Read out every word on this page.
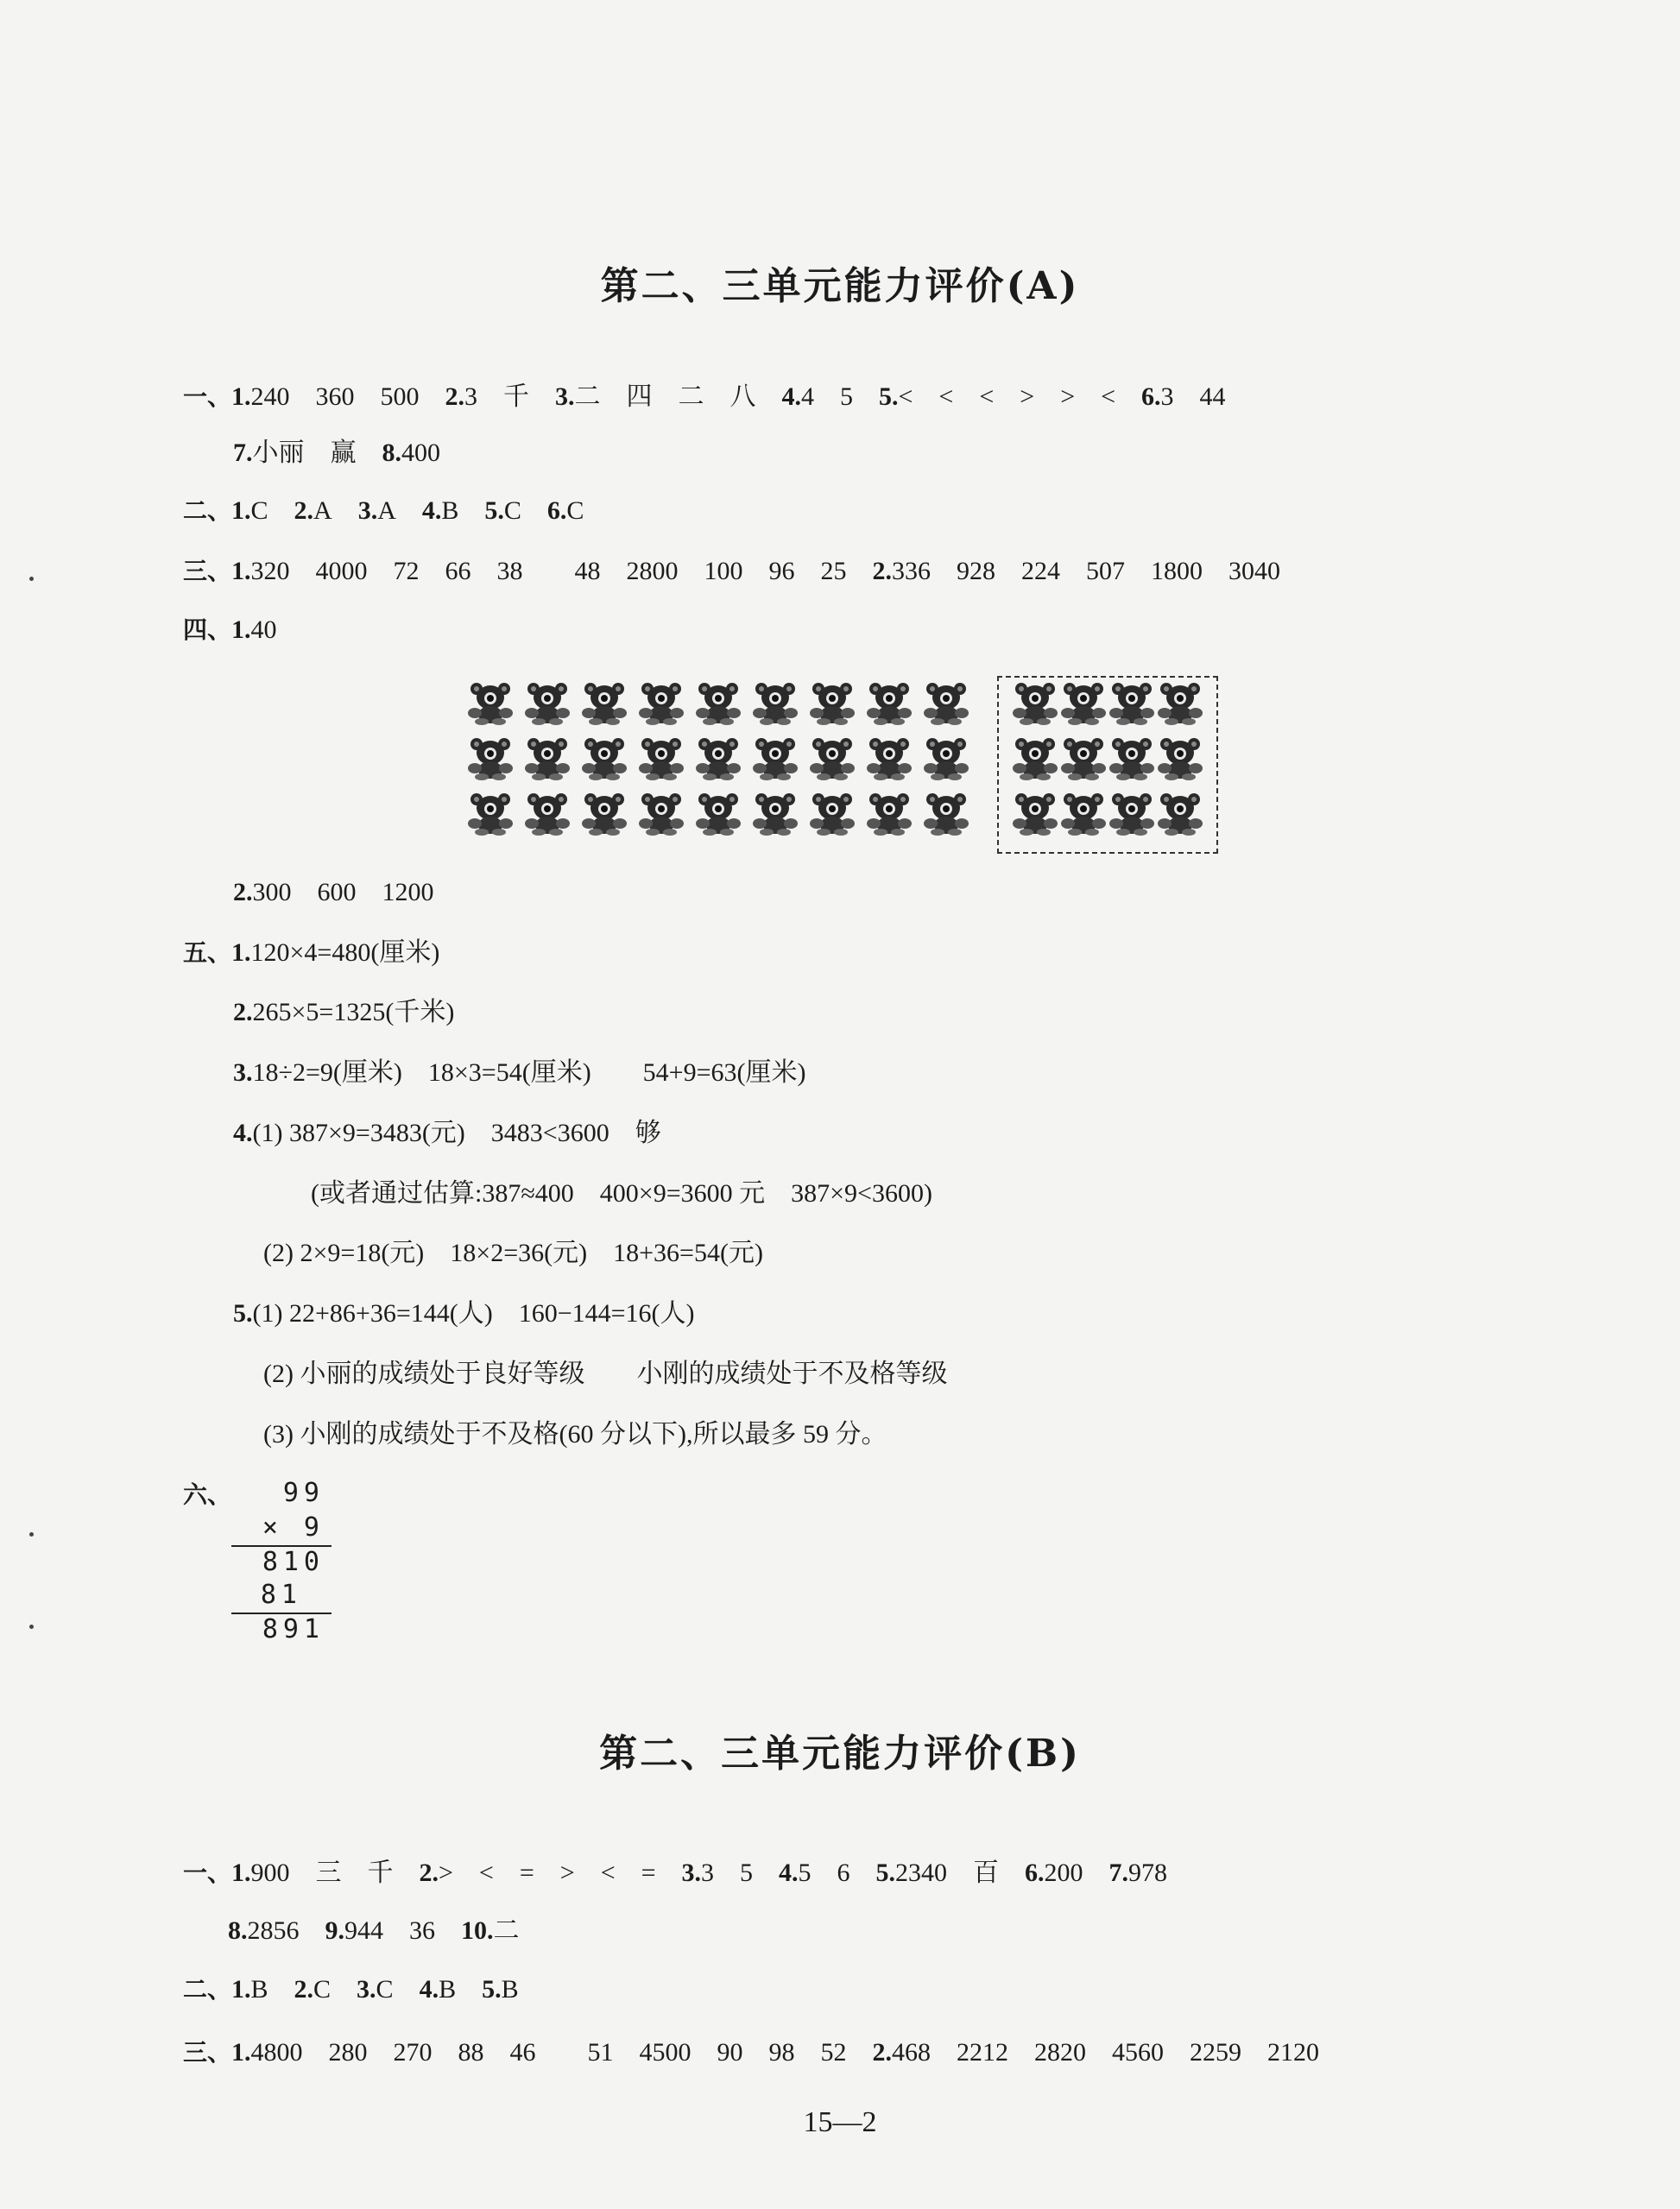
第二、三单元能力评价(A)
一、1.240　360　500 2.3　千 3.二　四　二　八 4.4　5 5.<　<　<　>　>　< 6.3　44
7.小丽　赢 8.400
二、1.C 2.A 3.A 4.B 5.C 6.C
三、1.320　4000　72　66　38　　48　2800　100　96　25 2.336　928　224　507　1800　3040
四、1.40
2.300　600　1200
五、1.120×4=480(厘米)
2.265×5=1325(千米)
3.18÷2=9(厘米)　18×3=54(厘米)　　54+9=63(厘米)
4.(1) 387×9=3483(元)　3483<3600　够
(或者通过估算:387≈400　400×9=3600 元　387×9<3600)
(2) 2×9=18(元)　18×2=36(元)　18+36=54(元)
5.(1) 22+86+36=144(人)　160−144=16(人)
(2) 小丽的成绩处于良好等级　　小刚的成绩处于不及格等级
(3) 小刚的成绩处于不及格(60 分以下),所以最多 59 分。
六、	99
× 9
810
81
891
第二、三单元能力评价(B)
一、1.900　三　千 2.>　<　=　>　<　= 3.3　5 4.5　6 5.2340　百 6.200 7.978
8.2856 9.944　36 10.二
二、1.B 2.C 3.C 4.B 5.B
三、1.4800　280　270　88　46　　51　4500　90　98　52 2.468　2212　2820　4560　2259　2120
15—2
